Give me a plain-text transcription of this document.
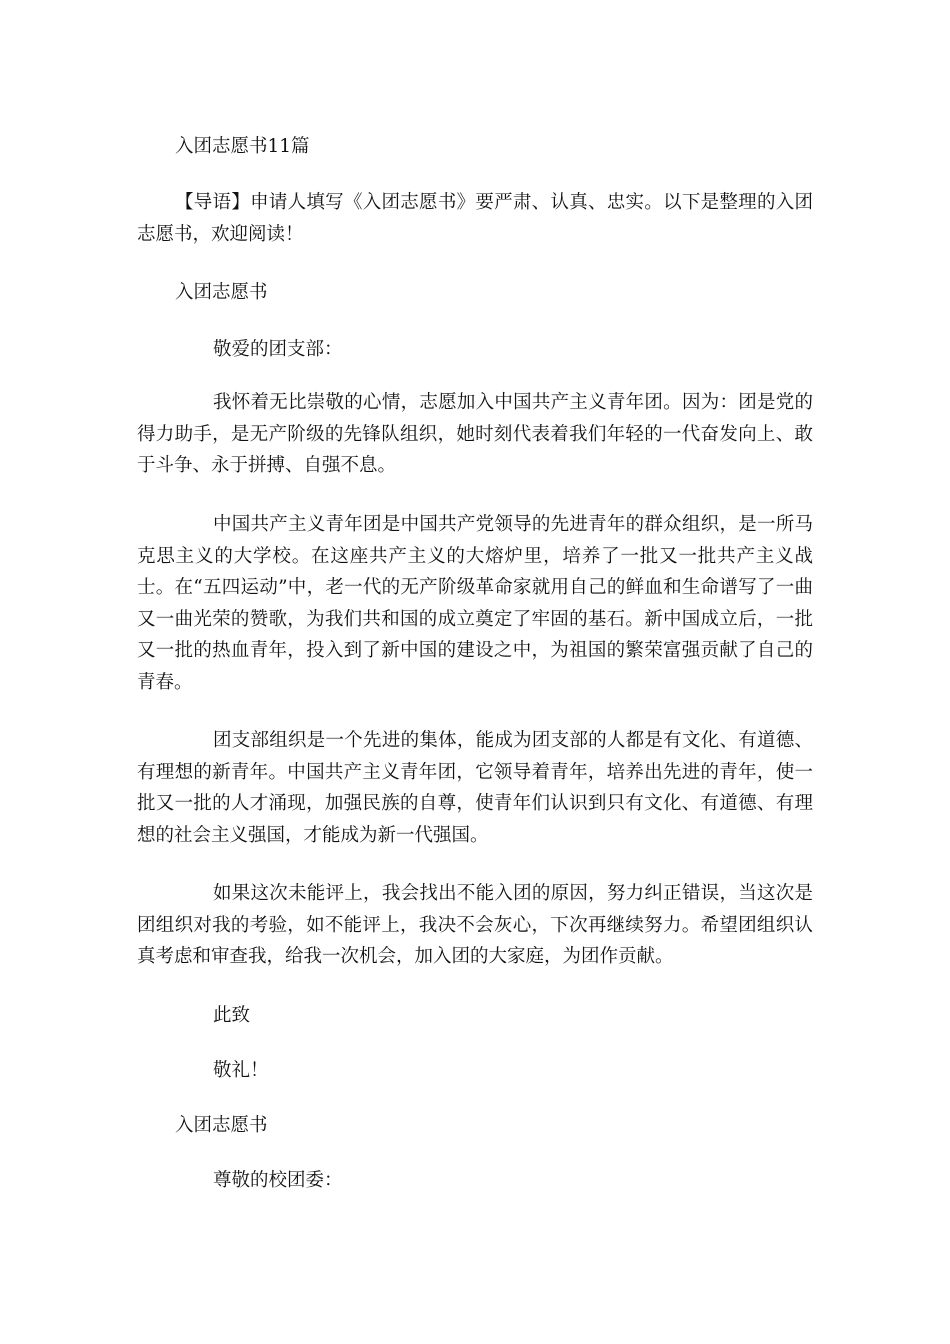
入团志愿书11篇
【导语】申请人填写《入团志愿书》要严肃、认真、忠实。以下是整理的入团志愿书，欢迎阅读！
入团志愿书
敬爱的团支部：
我怀着无比崇敬的心情，志愿加入中国共产主义青年团。因为：团是党的得力助手，是无产阶级的先锋队组织，她时刻代表着我们年轻的一代奋发向上、敢于斗争、永于拼搏、自强不息。
中国共产主义青年团是中国共产党领导的先进青年的群众组织，是一所马克思主义的大学校。在这座共产主义的大熔炉里，培养了一批又一批共产主义战士。在“五四运动”中，老一代的无产阶级革命家就用自己的鲜血和生命谱写了一曲又一曲光荣的赞歌，为我们共和国的成立奠定了牢固的基石。新中国成立后，一批又一批的热血青年，投入到了新中国的建设之中，为祖国的繁荣富强贡献了自己的青春。
团支部组织是一个先进的集体，能成为团支部的人都是有文化、有道德、有理想的新青年。中国共产主义青年团，它领导着青年，培养出先进的青年，使一批又一批的人才涌现，加强民族的自尊，使青年们认识到只有文化、有道德、有理想的社会主义强国，才能成为新一代强国。
如果这次未能评上，我会找出不能入团的原因，努力纠正错误，当这次是团组织对我的考验，如不能评上，我决不会灰心，下次再继续努力。希望团组织认真考虑和审查我，给我一次机会，加入团的大家庭，为团作贡献。
此致
敬礼！
入团志愿书
尊敬的校团委：
